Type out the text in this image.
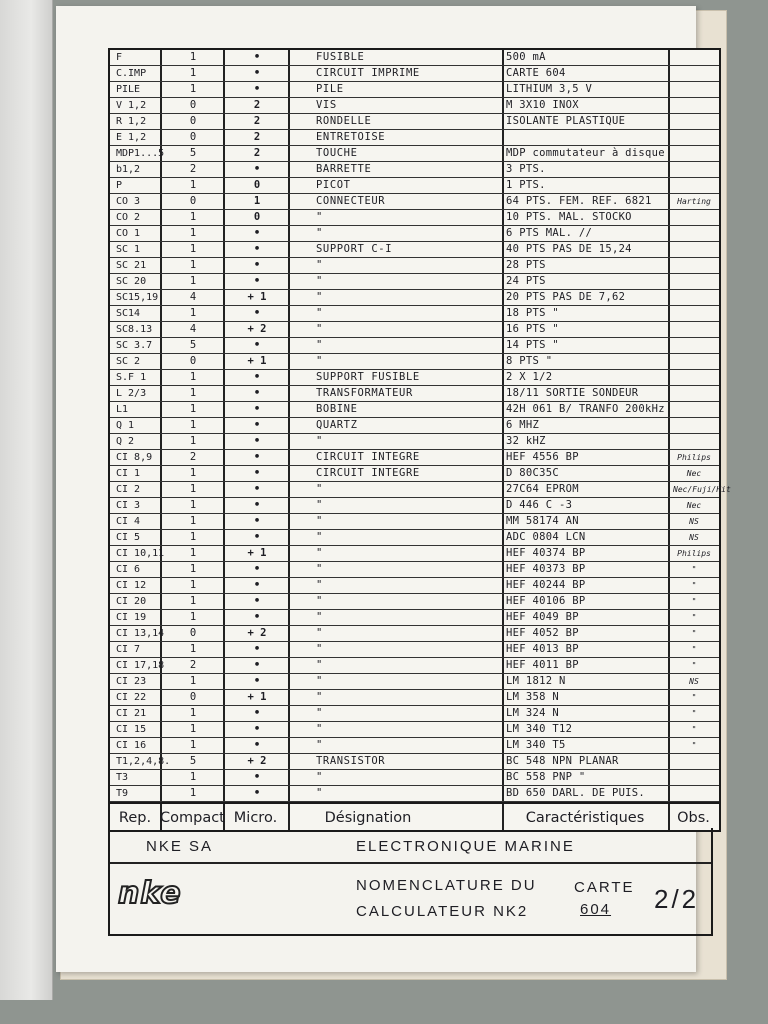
F	1	•	FUSIBLE	500 mA
C.IMP	1	•	CIRCUIT IMPRIME	CARTE 604
PILE	1	•	PILE	LITHIUM 3,5 V
V 1,2	0	2	VIS	M 3X10 INOX
R 1,2	0	2	RONDELLE	ISOLANTE PLASTIQUE
E 1,2	0	2	ENTRETOISE
MDP1...5	5	2	TOUCHE	MDP commutateur à disque
b1,2	2	•	BARRETTE	3 PTS.
P	1	0	PICOT	1 PTS.
CO 3	0	1	CONNECTEUR	64 PTS. FEM. REF. 6821	Harting
CO 2	1	0	"	10 PTS. MAL. STOCKO
CO 1	1	•	"	6 PTS MAL. //
SC 1	1	•	SUPPORT C-I	40 PTS PAS DE 15,24
SC 21	1	•	"	28 PTS
SC 20	1	•	"	24 PTS
SC15,19	4	+ 1	"	20 PTS PAS DE 7,62
SC14	1	•	"	18 PTS "
SC8.13	4	+ 2	"	16 PTS "
SC 3.7	5	•	"	14 PTS "
SC 2	0	+ 1	"	8 PTS "
S.F 1	1	•	SUPPORT FUSIBLE	2 X 1/2
L 2/3	1	•	TRANSFORMATEUR	18/11 SORTIE SONDEUR
L1	1	•	BOBINE	42H 061 B/ TRANFO 200kHz
Q 1	1	•	QUARTZ	6 MHZ
Q 2	1	•	"	32 kHZ
CI 8,9	2	•	CIRCUIT INTEGRE	HEF 4556 BP	Philips
CI 1	1	•	CIRCUIT INTEGRE	D 80C35C	Nec
CI 2	1	•	"	27C64 EPROM	Nec/Fuji/Hit
CI 3	1	•	"	D 446 C -3	Nec
CI 4	1	•	"	MM 58174 AN	NS
CI 5	1	•	"	ADC 0804 LCN	NS
CI 10,11	1	+ 1	"	HEF 40374 BP	Philips
CI 6	1	•	"	HEF 40373 BP	"
CI 12	1	•	"	HEF 40244 BP	"
CI 20	1	•	"	HEF 40106 BP	"
CI 19	1	•	"	HEF 4049 BP	"
CI 13,14	0	+ 2	"	HEF 4052 BP	"
CI 7	1	•	"	HEF 4013 BP	"
CI 17,18	2	•	"	HEF 4011 BP	"
CI 23	1	•	"	LM 1812 N	NS
CI 22	0	+ 1	"	LM 358 N	"
CI 21	1	•	"	LM 324 N	"
CI 15	1	•	"	LM 340 T12	"
CI 16	1	•	"	LM 340 T5	"
T1,2,4,8.	5	+ 2	TRANSISTOR	BC 548 NPN PLANAR
T3	1	•	"	BC 558 PNP "
T9	1	•	"	BD 650 DARL. DE PUIS.
Rep. Compact Micro.	Désignation	Caractéristiques	Obs.
NKE SA	ELECTRONIQUE MARINE
nke	NOMENCLATURE DU
CALCULATEUR NK2
CARTE
604 2/2
